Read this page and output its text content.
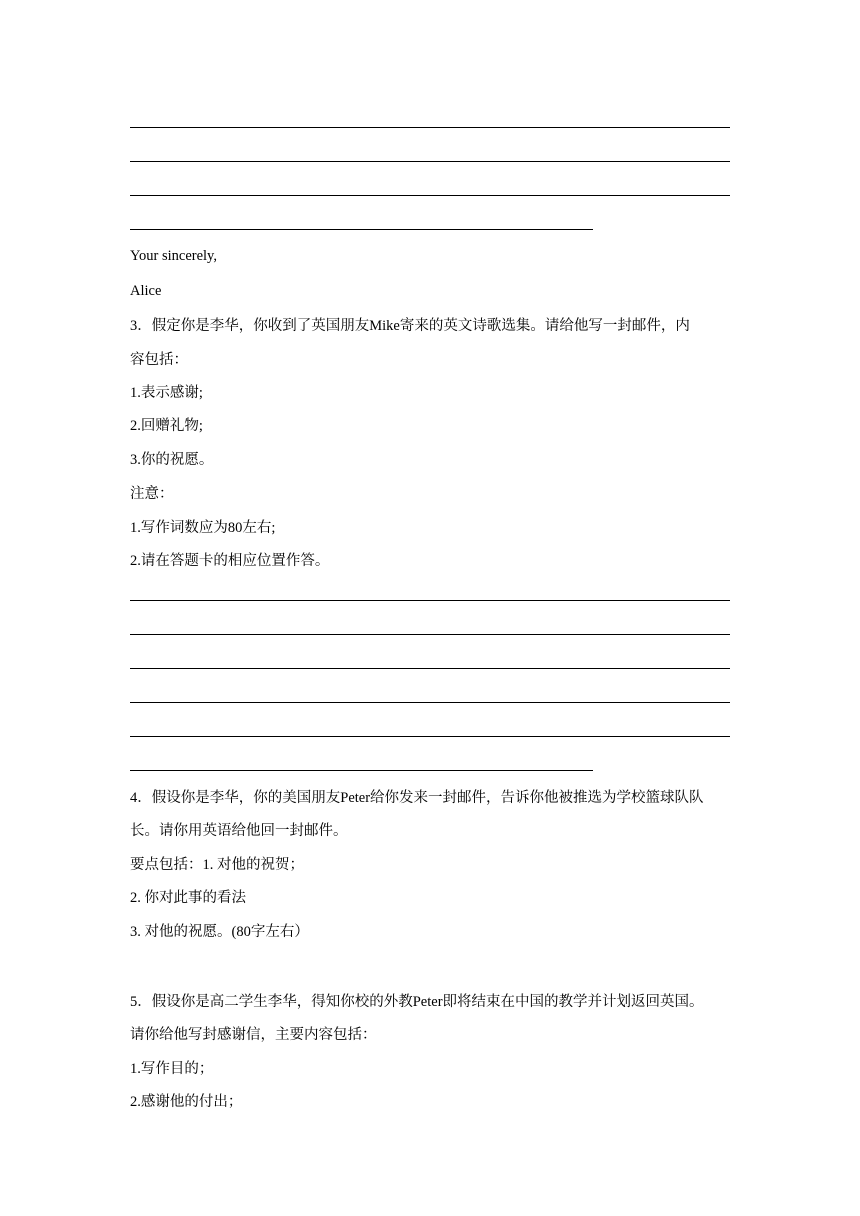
Your sincerely,
Alice
3．假定你是李华，你收到了英国朋友Mike寄来的英文诗歌选集。请给他写一封邮件，内
容包括：
1.表示感谢;
2.回赠礼物;
3.你的祝愿。
注意：
1.写作词数应为80左右;
2.请在答题卡的相应位置作答。
4．假设你是李华，你的美国朋友Peter给你发来一封邮件，告诉你他被推选为学校篮球队队
长。请你用英语给他回一封邮件。
要点包括：1. 对他的祝贺；
2. 你对此事的看法
3. 对他的祝愿。(80字左右）
5．假设你是高二学生李华，得知你校的外教Peter即将结束在中国的教学并计划返回英国。
请你给他写封感谢信，主要内容包括：
1.写作目的；
2.感谢他的付出；
